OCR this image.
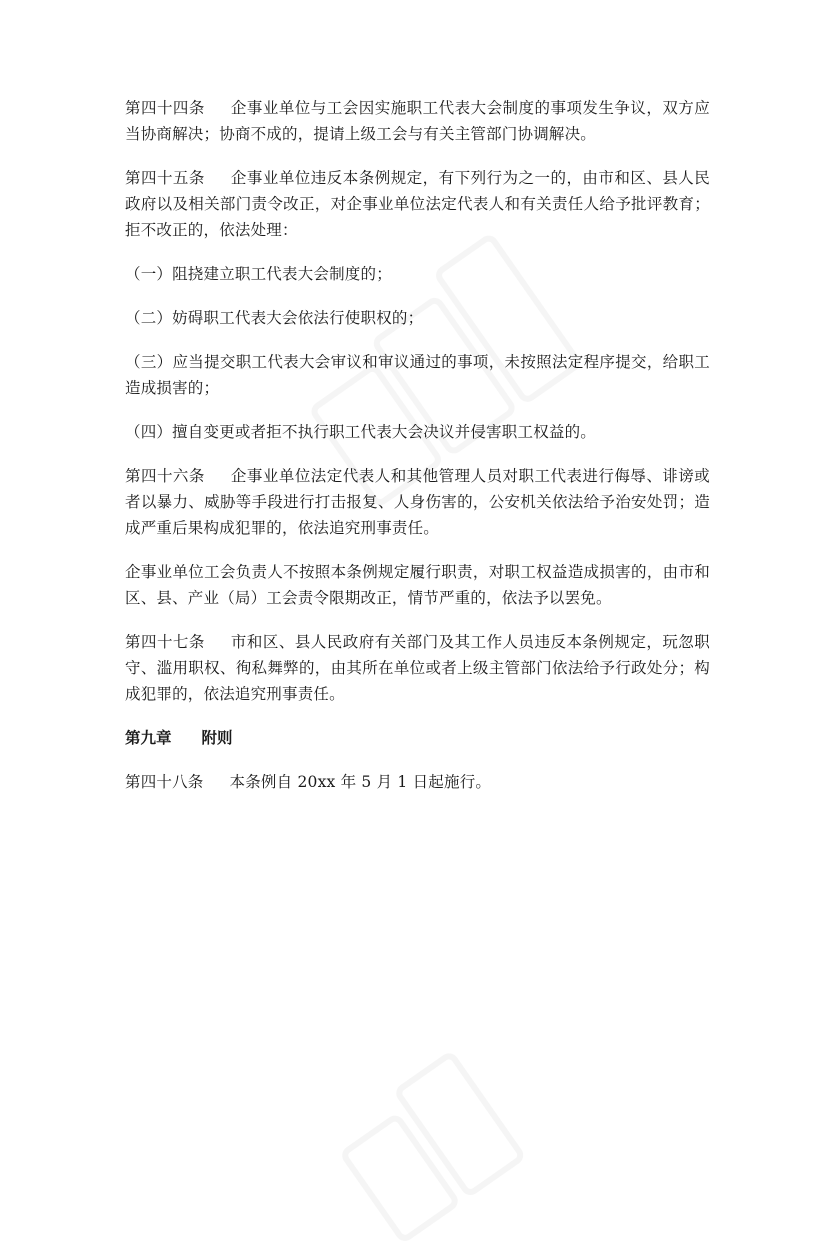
第四十四条 企事业单位与工会因实施职工代表大会制度的事项发生争议，双方应当协商解决；协商不成的，提请上级工会与有关主管部门协调解决。

第四十五条 企事业单位违反本条例规定，有下列行为之一的，由市和区、县人民政府以及相关部门责令改正，对企事业单位法定代表人和有关责任人给予批评教育；拒不改正的，依法处理：

（一）阻挠建立职工代表大会制度的；

（二）妨碍职工代表大会依法行使职权的；

（三）应当提交职工代表大会审议和审议通过的事项，未按照法定程序提交，给职工造成损害的；

（四）擅自变更或者拒不执行职工代表大会决议并侵害职工权益的。

第四十六条 企事业单位法定代表人和其他管理人员对职工代表进行侮辱、诽谤或者以暴力、威胁等手段进行打击报复、人身伤害的，公安机关依法给予治安处罚；造成严重后果构成犯罪的，依法追究刑事责任。

企事业单位工会负责人不按照本条例规定履行职责，对职工权益造成损害的，由市和区、县、产业（局）工会责令限期改正，情节严重的，依法予以罢免。

第四十七条 市和区、县人民政府有关部门及其工作人员违反本条例规定，玩忽职守、滥用职权、徇私舞弊的，由其所在单位或者上级主管部门依法给予行政处分；构成犯罪的，依法追究刑事责任。

第九章 附则

第四十八条 本条例自 20xx 年 5 月 1 日起施行。
